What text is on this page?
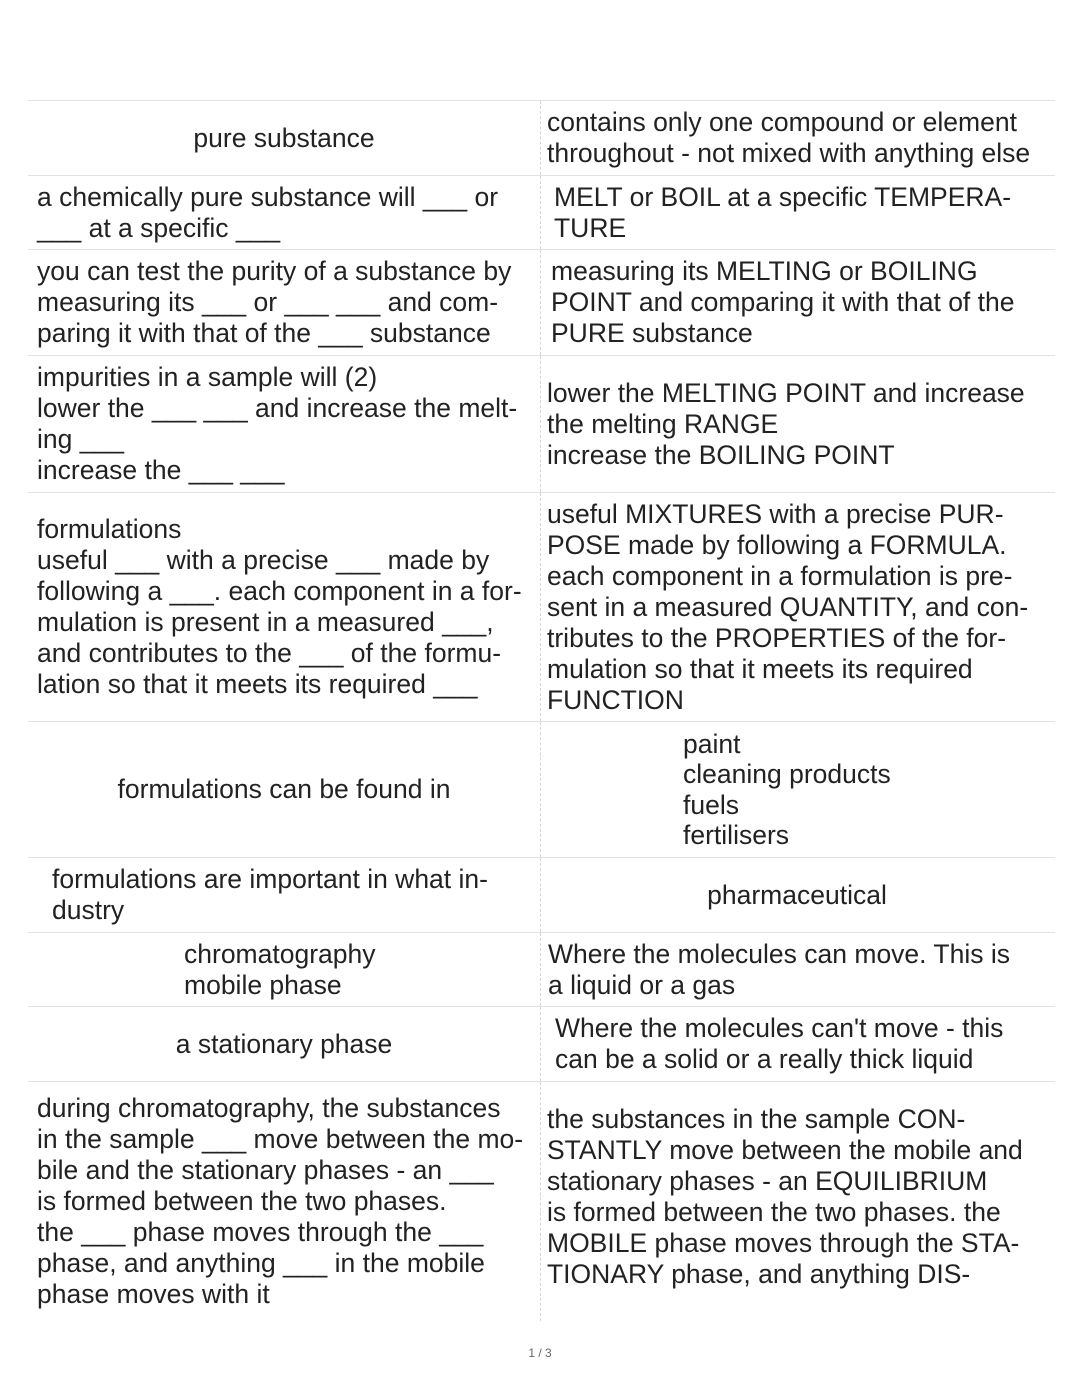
pure substance
contains only one compound or element
throughout - not mixed with anything else
a chemically pure substance will ___ or
___ at a specific ___
MELT or BOIL at a specific TEMPERA-
TURE
you can test the purity of a substance by
measuring its ___ or ___ ___ and com-
paring it with that of the ___ substance
measuring its MELTING or BOILING
POINT and comparing it with that of the
PURE substance
impurities in a sample will (2)
lower the ___ ___ and increase the melt-
ing ___
increase the ___ ___
lower the MELTING POINT and increase
the melting RANGE
increase the BOILING POINT
formulations
useful ___ with a precise ___ made by
following a ___. each component in a for-
mulation is present in a measured ___,
and contributes to the ___ of the formu-
lation so that it meets its required ___
useful MIXTURES with a precise PUR-
POSE made by following a FORMULA.
each component in a formulation is pre-
sent in a measured QUANTITY, and con-
tributes to the PROPERTIES of the for-
mulation so that it meets its required
FUNCTION
formulations can be found in
paint
cleaning products
fuels
fertilisers
formulations are important in what in-
dustry
pharmaceutical
chromatography
mobile phase
Where the molecules can move. This is
a liquid or a gas
a stationary phase
Where the molecules can't move - this
can be a solid or a really thick liquid
during chromatography, the substances
in the sample ___ move between the mo-
bile and the stationary phases - an ___
is formed between the two phases.
the ___ phase moves through the ___
phase, and anything ___ in the mobile
phase moves with it
the substances in the sample CON-
STANTLY move between the mobile and
stationary phases - an EQUILIBRIUM
is formed between the two phases. the
MOBILE phase moves through the STA-
TIONARY phase, and anything DIS-
1 / 3
